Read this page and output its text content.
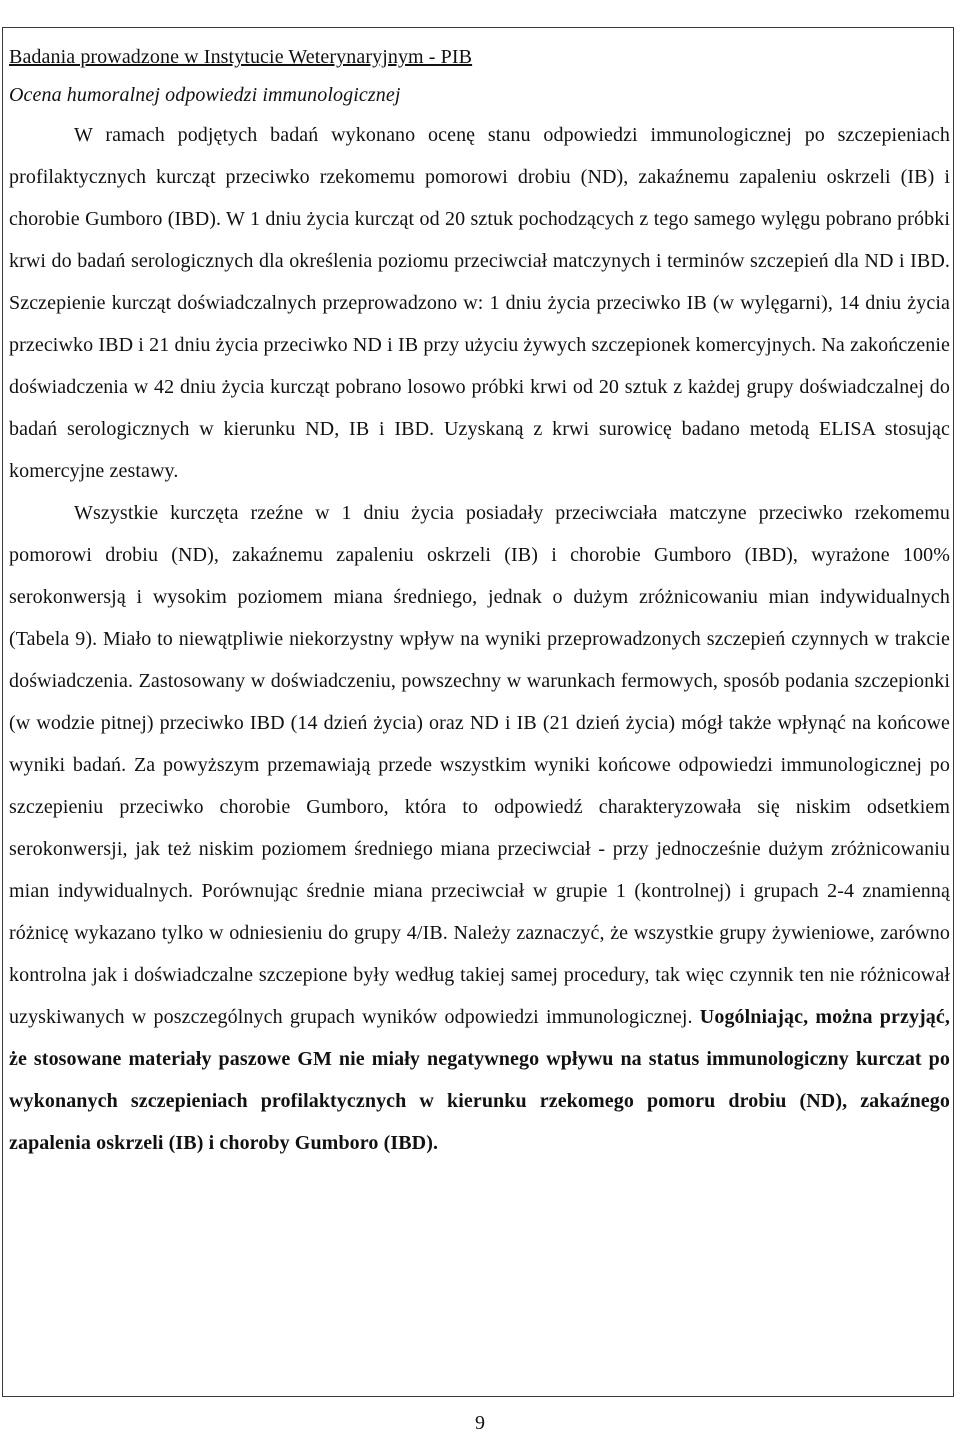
Badania prowadzone w Instytucie Weterynaryjnym - PIB
Ocena humoralnej odpowiedzi immunologicznej

W ramach podjętych badań wykonano ocenę stanu odpowiedzi immunologicznej po szczepieniach profilaktycznych kurcząt przeciwko rzekomemu pomorowi drobiu (ND), zakaźnemu zapaleniu oskrzeli (IB) i chorobie Gumboro (IBD). W 1 dniu życia kurcząt od 20 sztuk pochodzących z tego samego wylęgu pobrano próbki krwi do badań serologicznych dla określenia poziomu przeciwciał matczynych i terminów szczepień dla ND i IBD. Szczepienie kurcząt doświadczalnych przeprowadzono w: 1 dniu życia przeciwko IB (w wylęgarni), 14 dniu życia przeciwko IBD i 21 dniu życia przeciwko ND i IB przy użyciu żywych szczepionek komercyjnych. Na zakończenie doświadczenia w 42 dniu życia kurcząt pobrano losowo próbki krwi od 20 sztuk z każdej grupy doświadczalnej do badań serologicznych w kierunku ND, IB i IBD. Uzyskaną z krwi surowicę badano metodą ELISA stosując komercyjne zestawy.

Wszystkie kurczęta rzeźne w 1 dniu życia posiadały przeciwciała matczyne przeciwko rzekomemu pomorowi drobiu (ND), zakaźnemu zapaleniu oskrzeli (IB) i chorobie Gumboro (IBD), wyrażone 100% serokonwersją i wysokim poziomem miana średniego, jednak o dużym zróżnicowaniu mian indywidualnych (Tabela 9). Miało to niewątpliwie niekorzystny wpływ na wyniki przeprowadzonych szczepień czynnych w trakcie doświadczenia. Zastosowany w doświadczeniu, powszechny w warunkach fermowych, sposób podania szczepionki (w wodzie pitnej) przeciwko IBD (14 dzień życia) oraz ND i IB (21 dzień życia) mógł także wpłynąć na końcowe wyniki badań. Za powyższym przemawiają przede wszystkim wyniki końcowe odpowiedzi immunologicznej po szczepieniu przeciwko chorobie Gumboro, która to odpowiedź charakteryzowała się niskim odsetkiem serokonwersji, jak też niskim poziomem średniego miana przeciwciał - przy jednocześnie dużym zróżnicowaniu mian indywidualnych. Porównując średnie miana przeciwciał w grupie 1 (kontrolnej) i grupach 2-4 znamienną różnicę wykazano tylko w odniesieniu do grupy 4/IB. Należy zaznaczyć, że wszystkie grupy żywieniowe, zarówno kontrolna jak i doświadczalne szczepione były według takiej samej procedury, tak więc czynnik ten nie różnicował uzyskiwanych w poszczególnych grupach wyników odpowiedzi immunologicznej. Uogólniając, można przyjąć, że stosowane materiały paszowe GM nie miały negatywnego wpływu na status immunologiczny kurczat po wykonanych szczepieniach profilaktycznych w kierunku rzekomego pomoru drobiu (ND), zakaźnego zapalenia oskrzeli (IB) i choroby Gumboro (IBD).

9
